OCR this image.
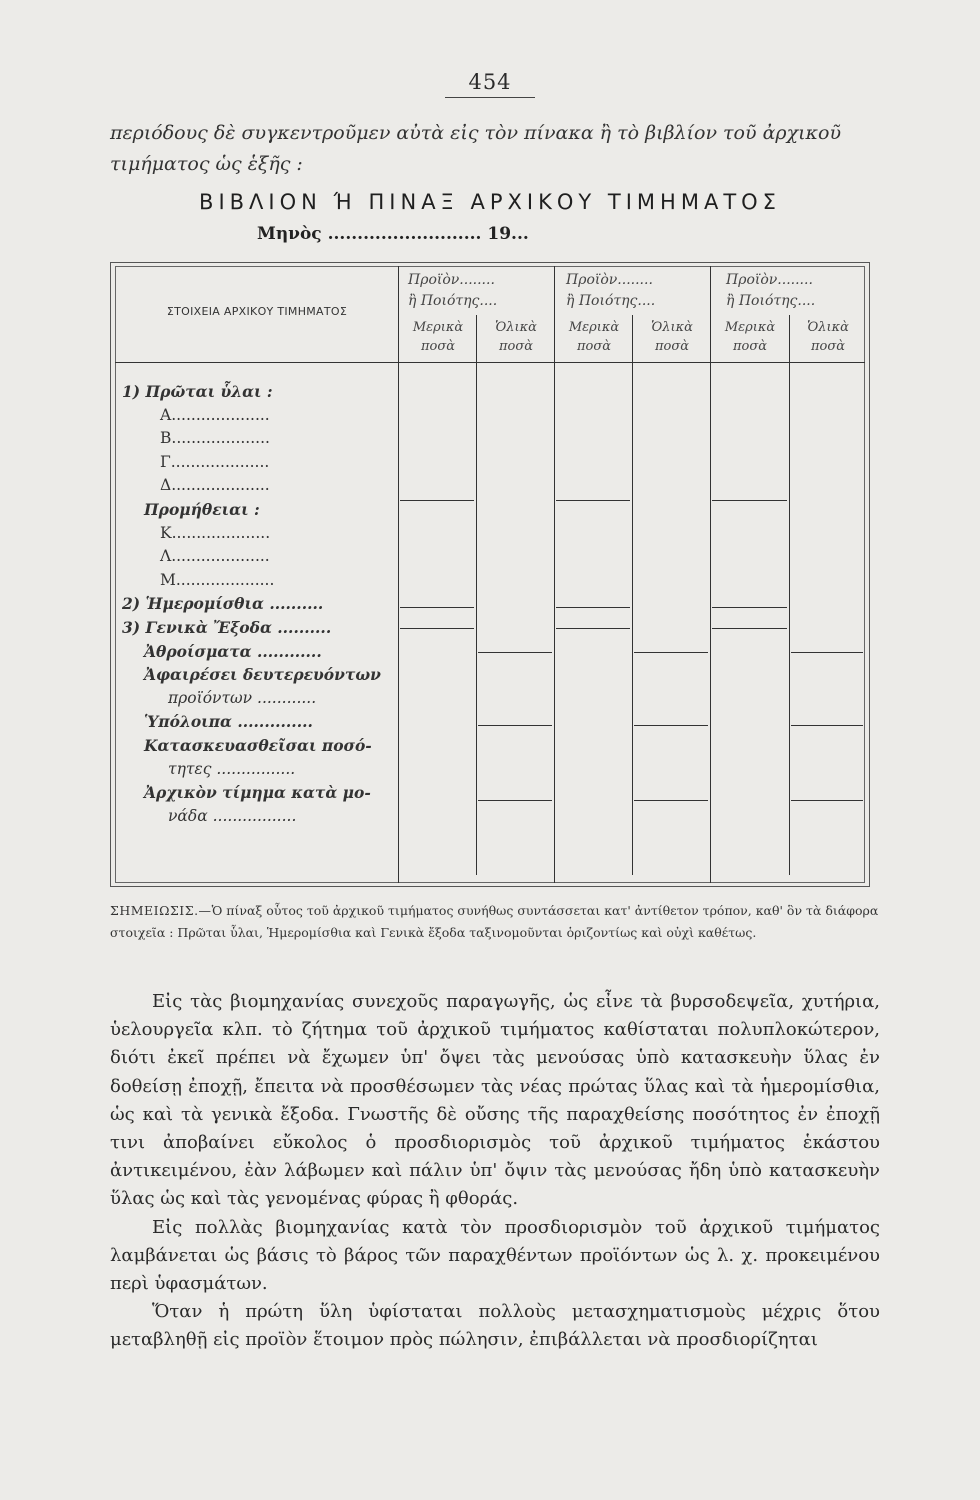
454
περιόδους δὲ συγκεντροῦμεν αὐτὰ εἰς τὸν πίνακα ἢ τὸ βιβλίον τοῦ ἀρχικοῦ τιμήματος ὡς ἑξῆς :
ΒΙΒΛΙΟΝ Ή ΠΙΝΑΞ ΑΡΧΙΚΟΥ ΤΙΜΗΜΑΤΟΣ
Μηνὸς .......................... 19...
ΣΤΟΙΧΕΙΑ ΑΡΧΙΚΟΥ ΤΙΜΗΜΑΤΟΣ
Προϊὸν........
ἢ Ποιότης....
Μερικὰ ποσὰ
Ὁλικὰ ποσὰ
Προϊὸν........
ἢ Ποιότης....
Μερικὰ ποσὰ
Ὁλικὰ ποσὰ
Προϊὸν........
ἢ Ποιότης....
Μερικὰ ποσὰ
Ὁλικὰ ποσὰ
1) Πρῶται ὗλαι :
Α....................
Β....................
Γ....................
Δ....................
Προμήθειαι :
Κ....................
Λ....................
Μ....................
2) Ἡμερομίσθια ..........
3) Γενικὰ Ἔξοδα ..........
Ἀθροίσματα ............
Ἀφαιρέσει δευτερευόντων
προϊόντων ............
Ὑπόλοιπα ..............
Κατασκευασθεῖσαι ποσό-
τητες ................
Ἀρχικὸν τίμημα κατὰ μο-
νάδα .................
ΣΗΜΕΙΩΣΙΣ.—Ὁ πίναξ οὗτος τοῦ ἀρχικοῦ τιμήματος συνήθως συντάσσεται κατ' ἀντίθετον τρόπον, καθ' ὃν τὰ διάφορα στοιχεῖα : Πρῶται ὗλαι, Ἡμερομίσθια καὶ Γενικὰ ἔξοδα ταξινομοῦνται ὁριζοντίως καὶ οὐχὶ καθέτως.

Εἰς τὰς βιομηχανίας συνεχοῦς παραγωγῆς, ὡς εἶνε τὰ βυρσοδεψεῖα, χυτήρια, ὑελουργεῖα κλπ. τὸ ζήτημα τοῦ ἀρχικοῦ τιμήματος καθίσταται πολυπλοκώτερον, διότι ἐκεῖ πρέπει νὰ ἔχωμεν ὑπ' ὄψει τὰς μενούσας ὑπὸ κατασκευὴν ὕλας ἐν δοθείσῃ ἐποχῇ, ἔπειτα νὰ προσθέσωμεν τὰς νέας πρώτας ὕλας καὶ τὰ ἡμερομίσθια, ὡς καὶ τὰ γενικὰ ἔξοδα. Γνωστῆς δὲ οὔσης τῆς παραχθείσης ποσότητος ἐν ἐποχῇ τινι ἀποβαίνει εὔκολος ὁ προσδιορισμὸς τοῦ ἀρχικοῦ τιμήματος ἑκάστου ἀντικειμένου, ἐὰν λάβωμεν καὶ πάλιν ὑπ' ὄψιν τὰς μενούσας ἤδη ὑπὸ κατασκευὴν ὕλας ὡς καὶ τὰς γενομένας φύρας ἢ φθοράς.

Εἰς πολλὰς βιομηχανίας κατὰ τὸν προσδιορισμὸν τοῦ ἀρχικοῦ τιμήματος λαμβάνεται ὡς βάσις τὸ βάρος τῶν παραχθέντων προϊόντων ὡς λ. χ. προκειμένου περὶ ὑφασμάτων.

Ὅταν ἡ πρώτη ὕλη ὑφίσταται πολλοὺς μετασχηματισμοὺς μέχρις ὅτου μεταβληθῇ εἰς προϊὸν ἕτοιμον πρὸς πώλησιν, ἐπιβάλλεται νὰ προσδιορίζηται
